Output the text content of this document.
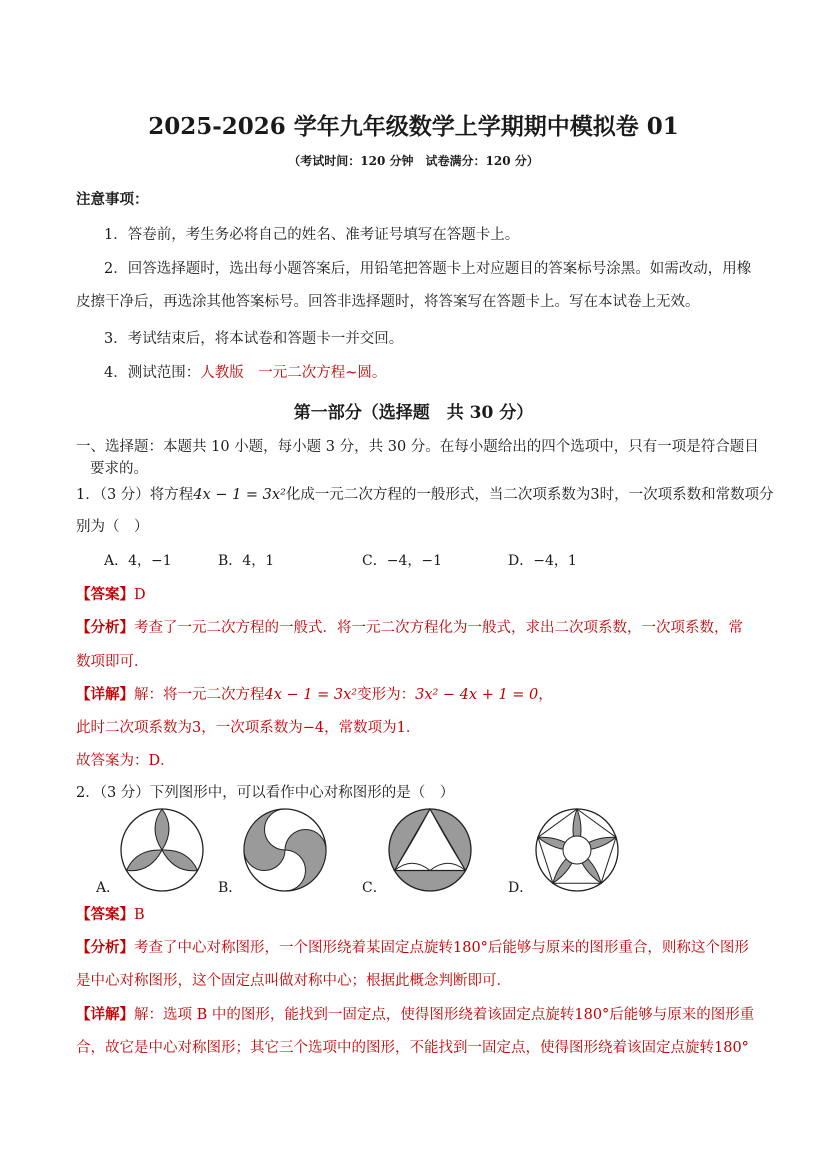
2025-2026 学年九年级数学上学期期中模拟卷 01
（考试时间：120 分钟　试卷满分：120 分）
注意事项：
1．答卷前，考生务必将自己的姓名、准考证号填写在答题卡上。
2．回答选择题时，选出每小题答案后，用铅笔把答题卡上对应题目的答案标号涂黑。如需改动，用橡
皮擦干净后，再选涂其他答案标号。回答非选择题时，将答案写在答题卡上。写在本试卷上无效。
3．考试结束后，将本试卷和答题卡一并交回。
4．测试范围：人教版　一元二次方程~圆。
第一部分（选择题　共 30 分）
一、选择题：本题共 10 小题，每小题 3 分，共 30 分。在每小题给出的四个选项中，只有一项是符合题目
要求的。
1．（3 分）将方程4x − 1 = 3x²化成一元二次方程的一般形式，当二次项系数为3时，一次项系数和常数项分
别为（　）
A．4，−1	B．4，1	C．−4，−1	D．−4，1
【答案】D
【分析】考查了一元二次方程的一般式．将一元二次方程化为一般式，求出二次项系数，一次项系数，常
数项即可．
【详解】解：将一元二次方程4x − 1 = 3x²变形为：3x² − 4x + 1 = 0，
此时二次项系数为3，一次项系数为−4，常数项为1．
故答案为：D．
2．（3 分）下列图形中，可以看作中心对称图形的是（　）
A．	B．	C．	D．
【答案】B
【分析】考查了中心对称图形，一个图形绕着某固定点旋转180°后能够与原来的图形重合，则称这个图形
是中心对称图形，这个固定点叫做对称中心；根据此概念判断即可．
【详解】解：选项 B 中的图形，能找到一固定点，使得图形绕着该固定点旋转180°后能够与原来的图形重
合，故它是中心对称图形；其它三个选项中的图形，不能找到一固定点，使得图形绕着该固定点旋转180°
